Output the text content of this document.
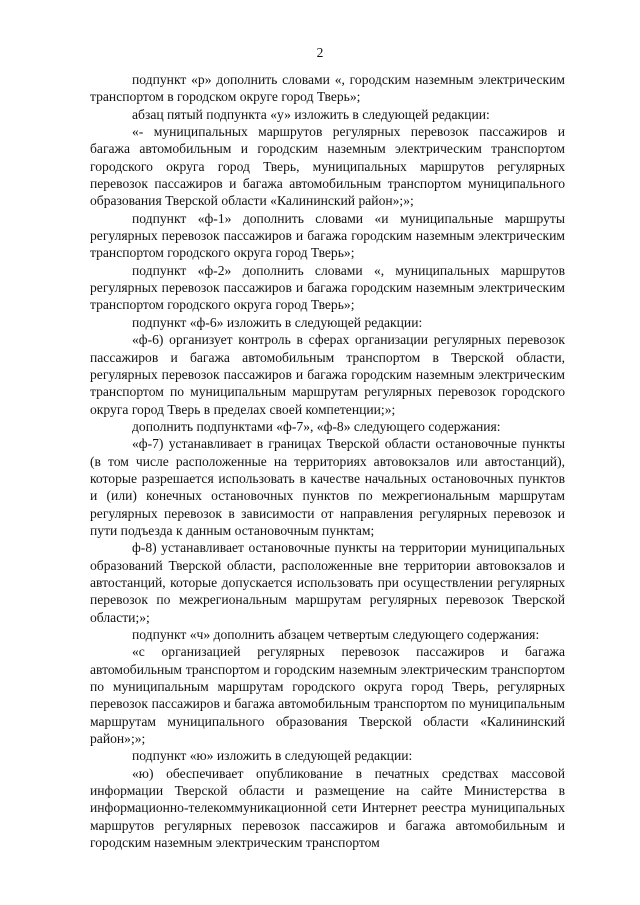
2

подпункт «р» дополнить словами «, городским наземным электрическим транспортом в городском округе город Тверь»;

абзац пятый подпункта «у» изложить в следующей редакции:

«- муниципальных маршрутов регулярных перевозок пассажиров и багажа автомобильным и городским наземным электрическим транспортом городского округа город Тверь, муниципальных маршрутов регулярных перевозок пассажиров и багажа автомобильным транспортом муниципального образования Тверской области «Калининский район»;»;

подпункт «ф-1» дополнить словами «и муниципальные маршруты регулярных перевозок пассажиров и багажа городским наземным электрическим транспортом городского округа город Тверь»;

подпункт «ф-2» дополнить словами «, муниципальных маршрутов регулярных перевозок пассажиров и багажа городским наземным электрическим транспортом городского округа город Тверь»;

подпункт «ф-6» изложить в следующей редакции:

«ф-6) организует контроль в сферах организации регулярных перевозок пассажиров и багажа автомобильным транспортом в Тверской области, регулярных перевозок пассажиров и багажа городским наземным электрическим транспортом по муниципальным маршрутам регулярных перевозок городского округа город Тверь в пределах своей компетенции;»;

дополнить подпунктами «ф-7», «ф-8» следующего содержания:

«ф-7) устанавливает в границах Тверской области остановочные пункты (в том числе расположенные на территориях автовокзалов или автостанций), которые разрешается использовать в качестве начальных остановочных пунктов и (или) конечных остановочных пунктов по межрегиональным маршрутам регулярных перевозок в зависимости от направления регулярных перевозок и пути подъезда к данным остановочным пунктам;

ф-8) устанавливает остановочные пункты на территории муниципальных образований Тверской области, расположенные вне территории автовокзалов и автостанций, которые допускается использовать при осуществлении регулярных перевозок по межрегиональным маршрутам регулярных перевозок Тверской области;»;

подпункт «ч» дополнить абзацем четвертым следующего содержания:

«с организацией регулярных перевозок пассажиров и багажа автомобильным транспортом и городским наземным электрическим транспортом по муниципальным маршрутам городского округа город Тверь, регулярных перевозок пассажиров и багажа автомобильным транспортом по муниципальным маршрутам муниципального образования Тверской области «Калининский район»;»;

подпункт «ю» изложить в следующей редакции:

«ю) обеспечивает опубликование в печатных средствах массовой информации Тверской области и размещение на сайте Министерства в информационно-телекоммуникационной сети Интернет реестра муниципальных маршрутов регулярных перевозок пассажиров и багажа автомобильным и городским наземным электрическим транспортом
